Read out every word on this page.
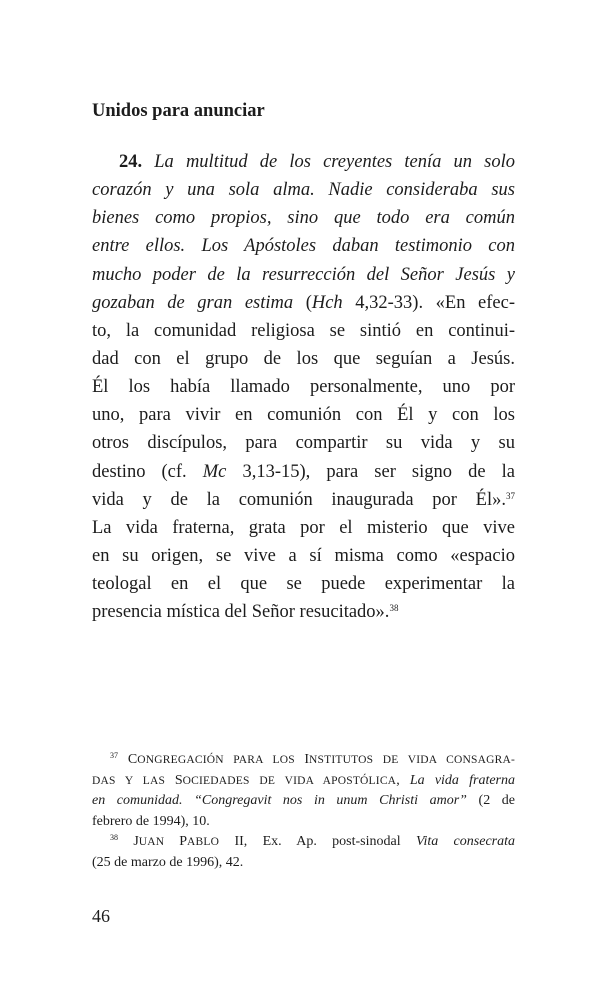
Unidos para anunciar
24. La multitud de los creyentes tenía un solo
corazón y una sola alma. Nadie consideraba sus
bienes como propios, sino que todo era común
entre ellos. Los Apóstoles daban testimonio con
mucho poder de la resurrección del Señor Jesús y
gozaban de gran estima (Hch 4,32-33). «En efec-
to, la comunidad religiosa se sintió en continui-
dad con el grupo de los que seguían a Jesús.
Él los había llamado personalmente, uno por
uno, para vivir en comunión con Él y con los
otros discípulos, para compartir su vida y su
destino (cf. Mc 3,13-15), para ser signo de la
vida y de la comunión inaugurada por Él».$^{37}$
La vida fraterna, grata por el misterio que vive
en su origen, se vive a sí misma como «espacio
teologal en el que se puede experimentar la
presencia mística del Señor resucitado».$^{38}$
$^{37}$ CONGREGACIÓN PARA LOS INSTITUTOS DE VIDA CONSAGRA-
DAS Y LAS SOCIEDADES DE VIDA APOSTÓLICA, La vida fraterna
en comunidad. “Congregavit nos in unum Christi amor” (2 de
febrero de 1994), 10.
$^{38}$ JUAN PABLO II, Ex. Ap. post-sinodal Vita consecrata
(25 de marzo de 1996), 42.
46
